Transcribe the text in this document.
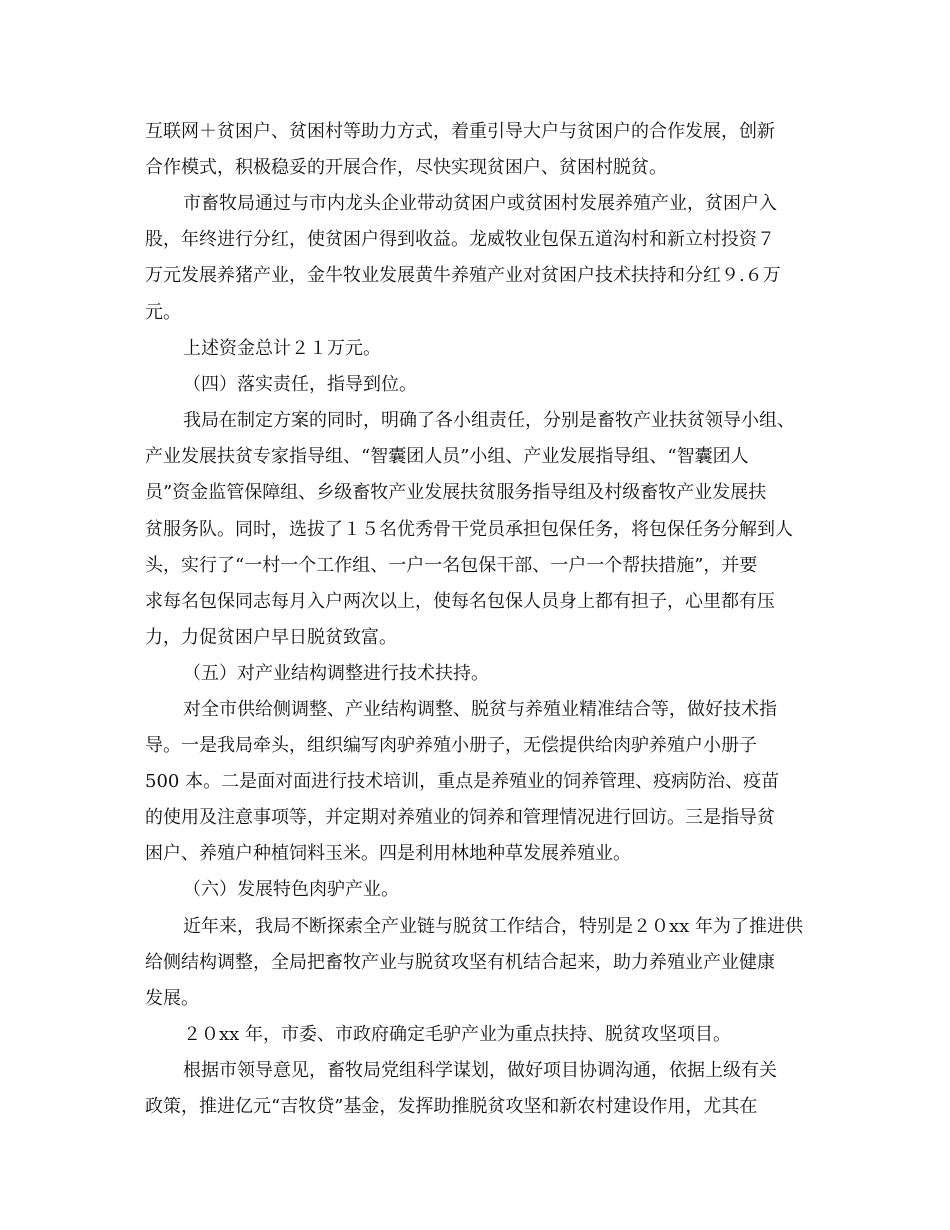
互联网＋贫困户、贫困村等助力方式，着重引导大户与贫困户的合作发展，创新
合作模式，积极稳妥的开展合作，尽快实现贫困户、贫困村脱贫。
市畜牧局通过与市内龙头企业带动贫困户或贫困村发展养殖产业，贫困户入
股，年终进行分红，使贫困户得到收益。龙威牧业包保五道沟村和新立村投资７
万元发展养猪产业，金牛牧业发展黄牛养殖产业对贫困户技术扶持和分红９.６万
元。
上述资金总计２１万元。
（四）落实责任，指导到位。
我局在制定方案的同时，明确了各小组责任，分别是畜牧产业扶贫领导小组、
产业发展扶贫专家指导组、“智囊团人员”小组、产业发展指导组、“智囊团人
员”资金监管保障组、乡级畜牧产业发展扶贫服务指导组及村级畜牧产业发展扶
贫服务队。同时，选拔了１５名优秀骨干党员承担包保任务，将包保任务分解到人
头，实行了“一村一个工作组、一户一名包保干部、一户一个帮扶措施”，并要
求每名包保同志每月入户两次以上，使每名包保人员身上都有担子，心里都有压
力，力促贫困户早日脱贫致富。
（五）对产业结构调整进行技术扶持。
对全市供给侧调整、产业结构调整、脱贫与养殖业精准结合等，做好技术指
导。一是我局牵头，组织编写肉驴养殖小册子，无偿提供给肉驴养殖户小册子
500 本。二是面对面进行技术培训，重点是养殖业的饲养管理、疫病防治、疫苗
的使用及注意事项等，并定期对养殖业的饲养和管理情况进行回访。三是指导贫
困户、养殖户种植饲料玉米。四是利用林地种草发展养殖业。
（六）发展特色肉驴产业。
近年来，我局不断探索全产业链与脱贫工作结合，特别是２０xx 年为了推进供
给侧结构调整，全局把畜牧产业与脱贫攻坚有机结合起来，助力养殖业产业健康
发展。
２０xx 年，市委、市政府确定毛驴产业为重点扶持、脱贫攻坚项目。
根据市领导意见，畜牧局党组科学谋划，做好项目协调沟通，依据上级有关
政策，推进亿元“吉牧贷”基金，发挥助推脱贫攻坚和新农村建设作用，尤其在
